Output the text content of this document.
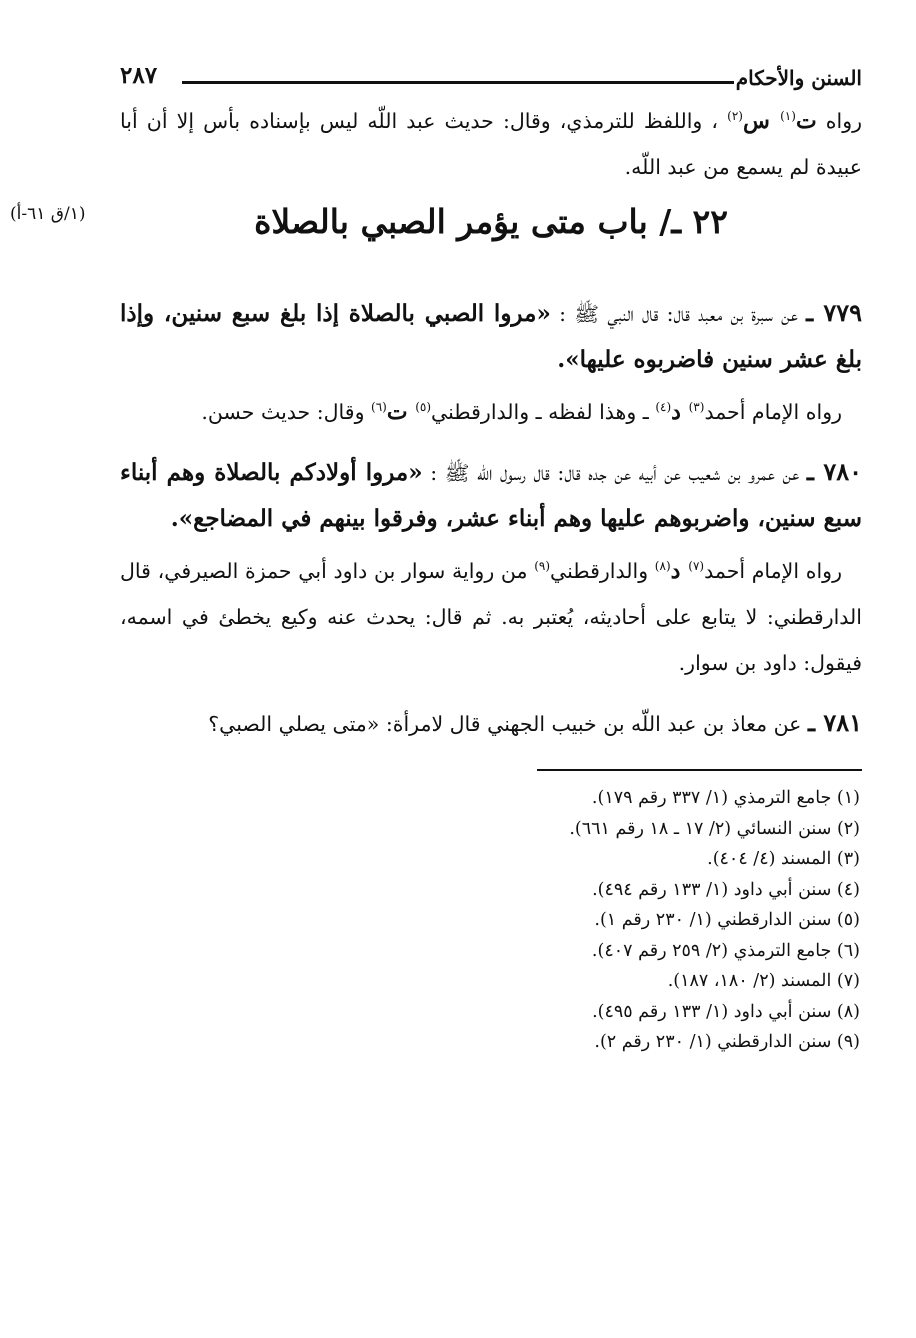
السنن والأحكام
٢٨٧

رواه ت$^{(١)}$ س$^{(٢)}$ ، واللفظ للترمذي، وقال: حديث عبد اللّه ليس بإسناده بأس إلا أن أبا عبيدة لم يسمع من عبد اللّه.

٢٢ ـ/ باب متى يؤمر الصبي بالصلاة
(١/ق ٦١-أ)

٧٧٩ ـ عن سبرة بن معبد قال: قال النبي ﷺ : «مروا الصبي بالصلاة إذا بلغ سبع سنين، وإذا بلغ عشر سنين فاضربوه عليها».

رواه الإمام أحمد$^{(٣)}$ د$^{(٤)}$ ـ وهذا لفظه ـ والدارقطني$^{(٥)}$ ت$^{(٦)}$ وقال: حديث حسن.

٧٨٠ ـ عن عمرو بن شعيب عن أبيه عن جده قال: قال رسول اللّه ﷺ : «مروا أولادكم بالصلاة وهم أبناء سبع سنين، واضربوهم عليها وهم أبناء عشر، وفرقوا بينهم في المضاجع».

رواه الإمام أحمد$^{(٧)}$ د$^{(٨)}$ والدارقطني$^{(٩)}$ من رواية سوار بن داود أبي حمزة الصيرفي، قال الدارقطني: لا يتابع على أحاديثه، يُعتبر به. ثم قال: يحدث عنه وكيع يخطئ في اسمه، فيقول: داود بن سوار.

٧٨١ ـ عن معاذ بن عبد اللّه بن خبيب الجهني قال لامرأة: «متى يصلي الصبي؟

(١) جامع الترمذي (١/ ٣٣٧ رقم ١٧٩).
(٢) سنن النسائي (٢/ ١٧ ـ ١٨ رقم ٦٦١).
(٣) المسند (٤/ ٤٠٤).
(٤) سنن أبي داود (١/ ١٣٣ رقم ٤٩٤).
(٥) سنن الدارقطني (١/ ٢٣٠ رقم ١).
(٦) جامع الترمذي (٢/ ٢٥٩ رقم ٤٠٧).
(٧) المسند (٢/ ١٨٠، ١٨٧).
(٨) سنن أبي داود (١/ ١٣٣ رقم ٤٩٥).
(٩) سنن الدارقطني (١/ ٢٣٠ رقم ٢).
